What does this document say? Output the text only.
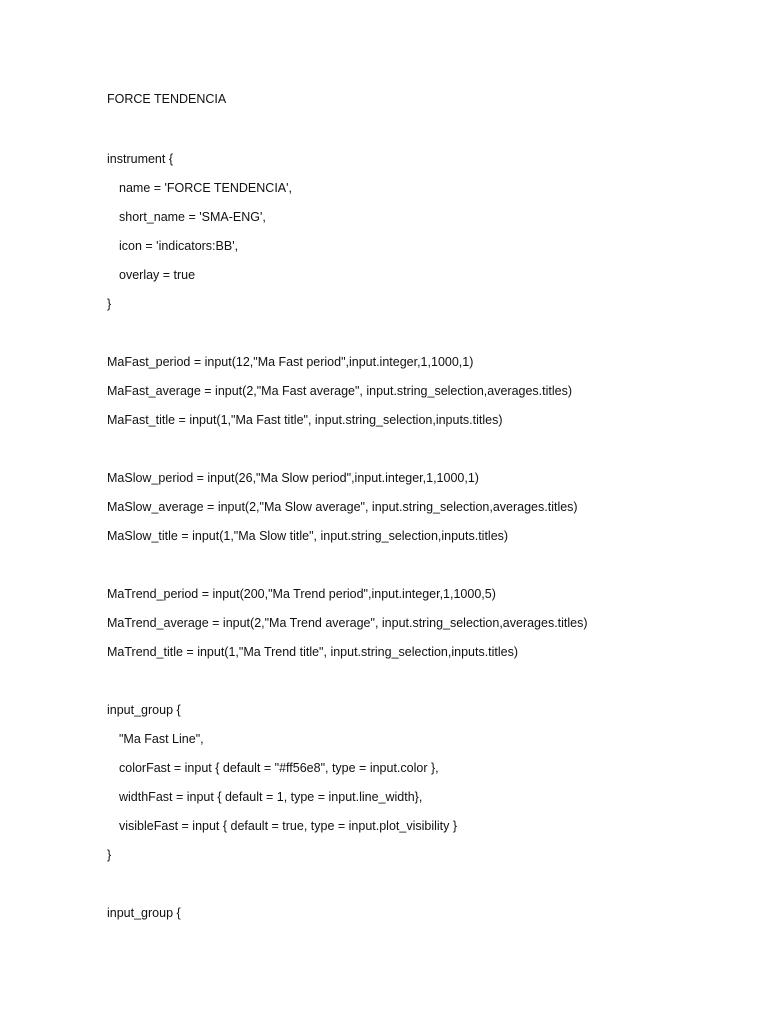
FORCE TENDENCIA
instrument {
name = 'FORCE TENDENCIA',
short_name = 'SMA-ENG',
icon = 'indicators:BB',
overlay = true
}
MaFast_period = input(12,"Ma Fast period",input.integer,1,1000,1)
MaFast_average = input(2,"Ma Fast average", input.string_selection,averages.titles)
MaFast_title = input(1,"Ma Fast title", input.string_selection,inputs.titles)
MaSlow_period = input(26,"Ma Slow period",input.integer,1,1000,1)
MaSlow_average = input(2,"Ma Slow average", input.string_selection,averages.titles)
MaSlow_title = input(1,"Ma Slow title", input.string_selection,inputs.titles)
MaTrend_period = input(200,"Ma Trend period",input.integer,1,1000,5)
MaTrend_average = input(2,"Ma Trend average", input.string_selection,averages.titles)
MaTrend_title = input(1,"Ma Trend title", input.string_selection,inputs.titles)
input_group {
"Ma Fast Line",
colorFast = input { default = "#ff56e8", type = input.color },
widthFast = input { default = 1, type = input.line_width},
visibleFast = input { default = true, type = input.plot_visibility }
}
input_group {
